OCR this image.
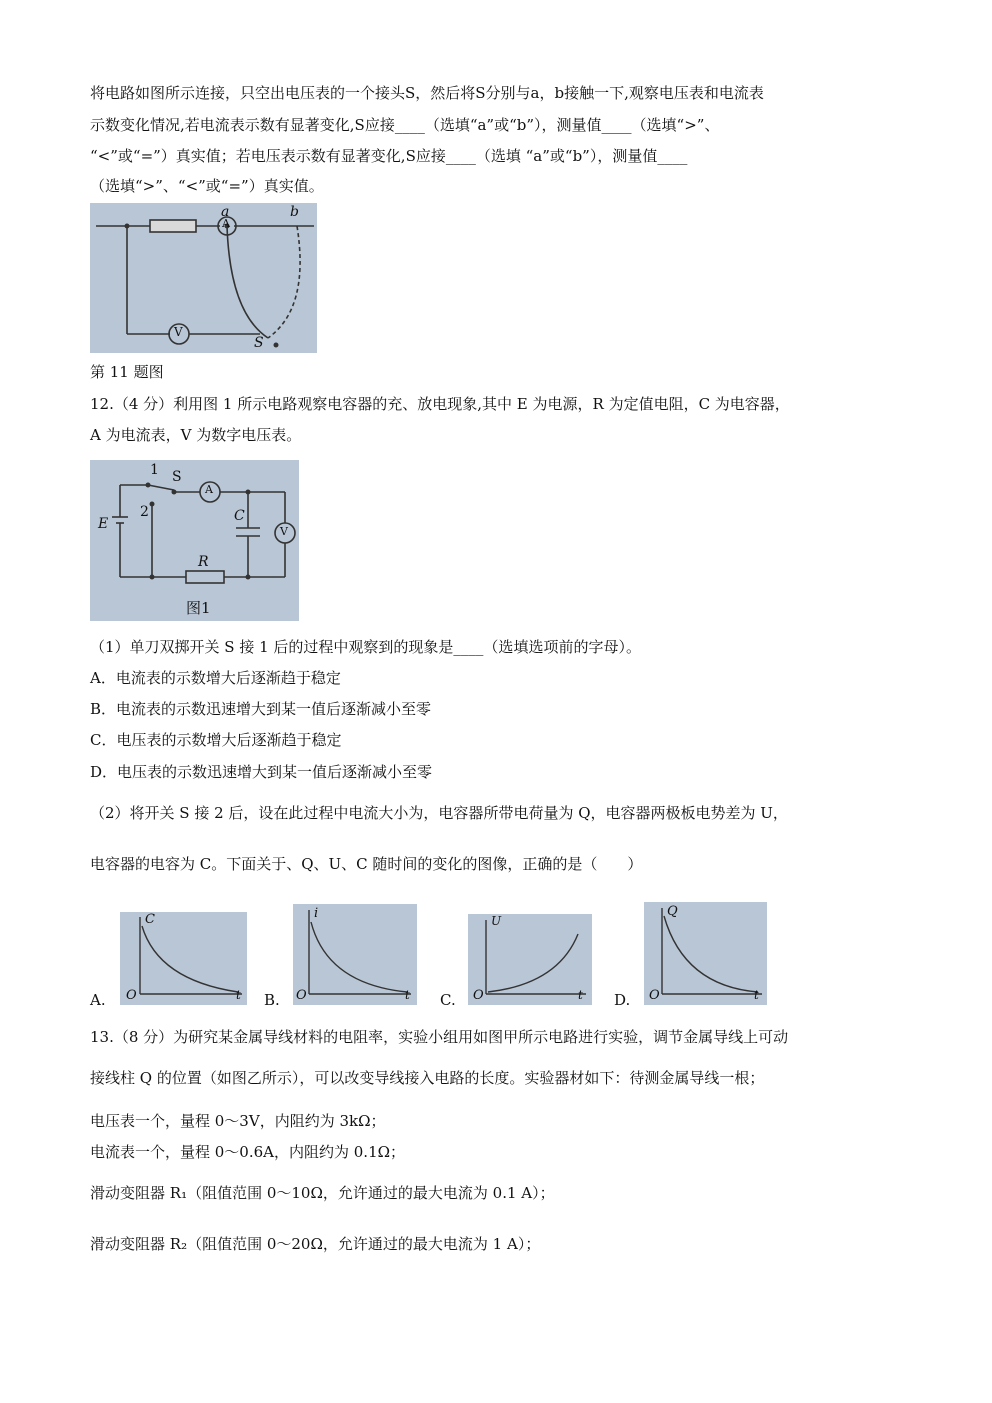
将电路如图所示连接，只空出电压表的一个接头S，然后将S分别与a，b接触一下,观察电压表和电流表
示数变化情况,若电流表示数有显著变化,S应接____（选填“a”或“b”），测量值____（选填“>”、
“<”或“=”）真实值；若电压表示数有显著变化,S应接____（选填 “a”或“b”），测量值____
（选填“>”、“<”或“=”）真实值。
a
A
b
V
S
第 11 题图
12.（4 分）利用图 1 所示电路观察电容器的充、放电现象,其中 E 为电源，R 为定值电阻，C 为电容器，
A 为电流表，V 为数字电压表。
1 S
A
E
2	C
V
R
图1
（1）单刀双掷开关 S 接 1 后的过程中观察到的现象是____（选填选项前的字母）。
A．电流表的示数增大后逐渐趋于稳定
B．电流表的示数迅速增大到某一值后逐渐减小至零
C．电压表的示数增大后逐渐趋于稳定
D．电压表的示数迅速增大到某一值后逐渐减小至零
（2）将开关 S 接 2 后，设在此过程中电流大小为，电容器所带电荷量为 Q，电容器两极板电势差为 U，
电容器的电容为 C。下面关于、Q、U、C 随时间的变化的图像，正确的是（　　）
A.
C
O	t B.
i
O	t C.
U
O	t D.
Q
O	t
13.（8 分）为研究某金属导线材料的电阻率，实验小组用如图甲所示电路进行实验，调节金属导线上可动
接线柱 Q 的位置（如图乙所示），可以改变导线接入电路的长度。实验器材如下：待测金属导线一根；
电压表一个，量程 0～3V，内阻约为 3kΩ；
电流表一个，量程 0～0.6A，内阻约为 0.1Ω；
滑动变阻器 R₁（阻值范围 0～10Ω，允许通过的最大电流为 0.1 A）；
滑动变阻器 R₂（阻值范围 0～20Ω，允许通过的最大电流为 1 A）；
